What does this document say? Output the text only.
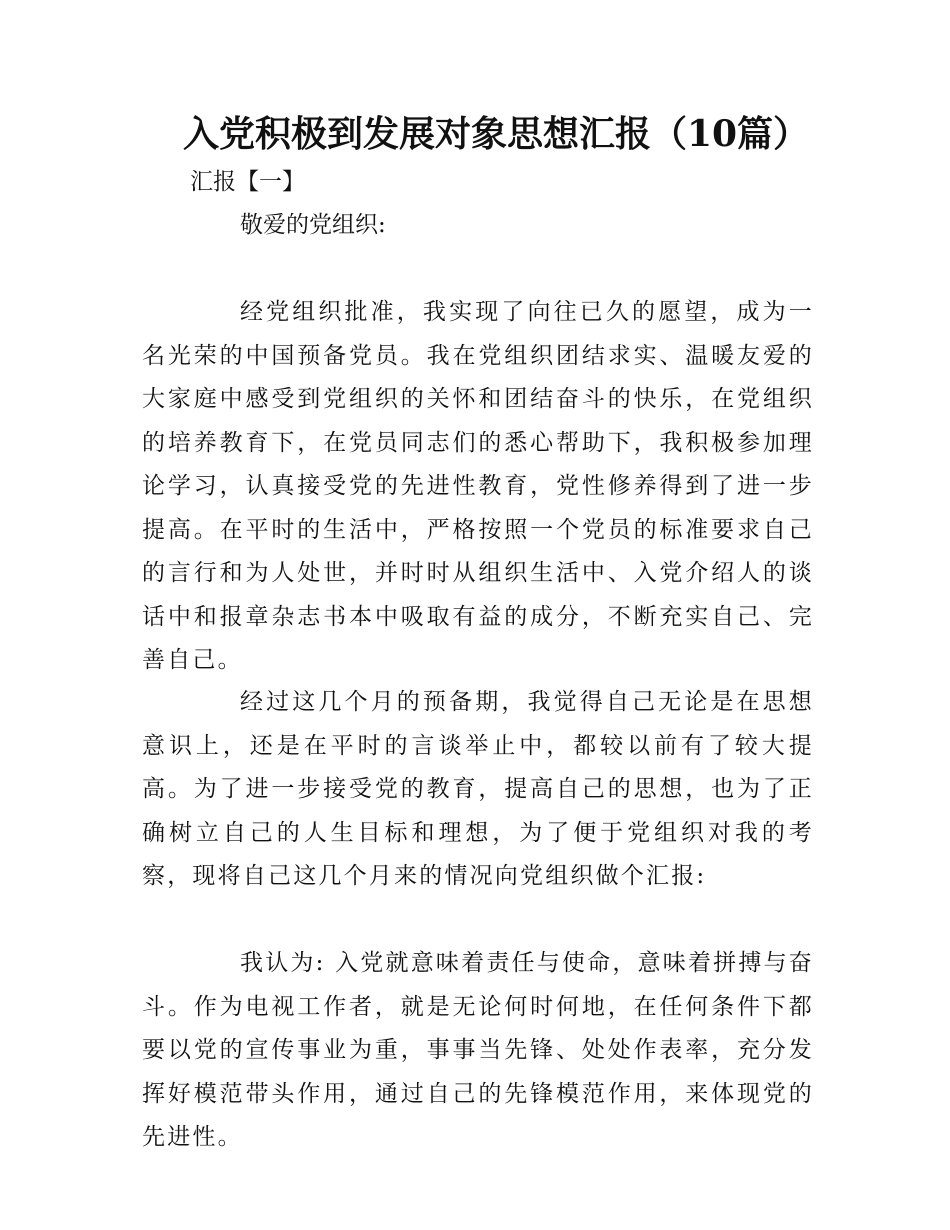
入党积极到发展对象思想汇报（10篇）

汇报【一】

敬爱的党组织:

经党组织批准，我实现了向往已久的愿望，成为一名光荣的中国预备党员。我在党组织团结求实、温暖友爱的大家庭中感受到党组织的关怀和团结奋斗的快乐，在党组织的培养教育下，在党员同志们的悉心帮助下，我积极参加理论学习，认真接受党的先进性教育，党性修养得到了进一步提高。在平时的生活中，严格按照一个党员的标准要求自己的言行和为人处世，并时时从组织生活中、入党介绍人的谈话中和报章杂志书本中吸取有益的成分，不断充实自己、完善自己。

经过这几个月的预备期，我觉得自己无论是在思想意识上，还是在平时的言谈举止中，都较以前有了较大提高。为了进一步接受党的教育，提高自己的思想，也为了正确树立自己的人生目标和理想，为了便于党组织对我的考察，现将自己这几个月来的情况向党组织做个汇报:

我认为: 入党就意味着责任与使命，意味着拼搏与奋斗。作为电视工作者，就是无论何时何地，在任何条件下都要以党的宣传事业为重，事事当先锋、处处作表率，充分发挥好模范带头作用，通过自己的先锋模范作用，来体现党的先进性。
